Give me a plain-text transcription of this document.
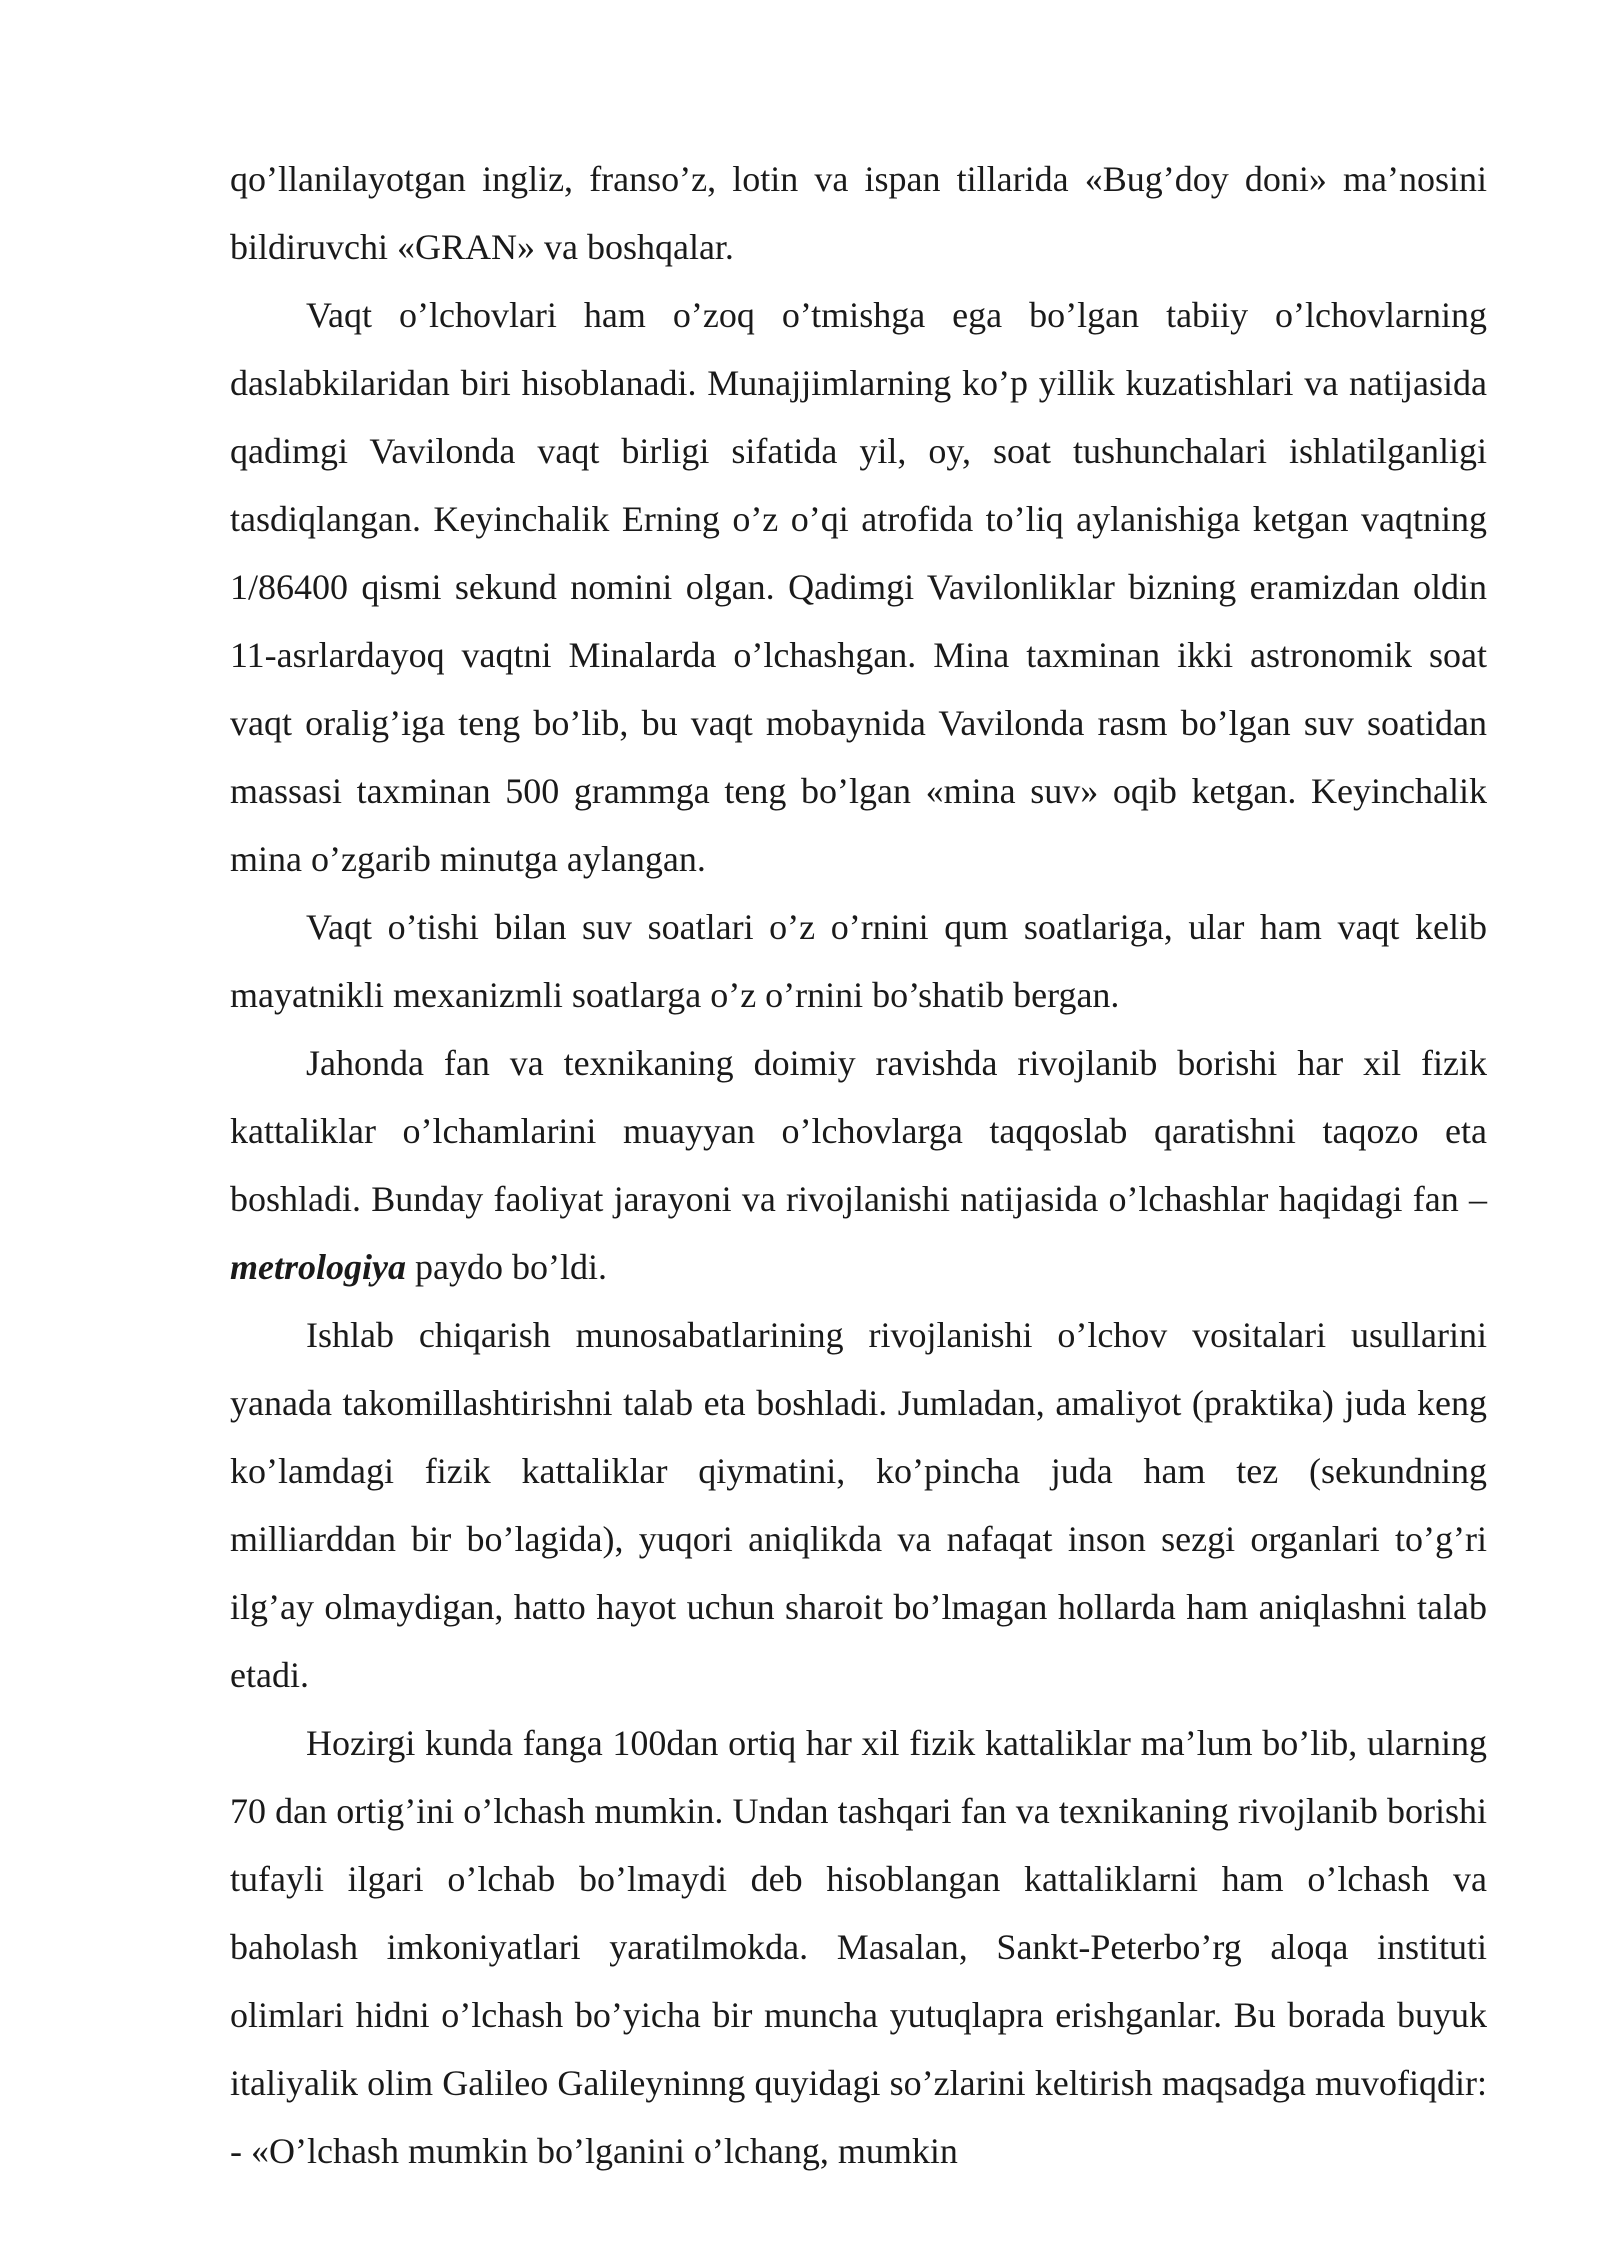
qo’llanilayotgan ingliz, franso’z, lotin va ispan tillarida «Bug’doy doni» ma’nosini bildiruvchi «GRAN» va boshqalar.

Vaqt o’lchovlari ham o’zoq o’tmishga ega bo’lgan tabiiy o’lchovlarning daslabkilaridan biri hisoblanadi. Munajjimlarning ko’p yillik kuzatishlari va natijasida qadimgi Vavilonda vaqt birligi sifatida yil, oy, soat tushunchalari ishlatilganligi tasdiqlangan. Keyinchalik Erning o’z o’qi atrofida to’liq aylanishiga ketgan vaqtning 1/86400 qismi sekund nomini olgan. Qadimgi Vavilonliklar bizning eramizdan oldin 11-asrlardayoq vaqtni Minalarda o’lchashgan. Mina taxminan ikki astronomik soat vaqt oralig’iga teng bo’lib, bu vaqt mobaynida Vavilonda rasm bo’lgan suv soatidan massasi taxminan 500 grammga teng bo’lgan «mina suv» oqib ketgan. Keyinchalik mina o’zgarib minutga aylangan.

Vaqt o’tishi bilan suv soatlari o’z o’rnini qum soatlariga, ular ham vaqt kelib mayatnikli mexanizmli soatlarga o’z o’rnini bo’shatib bergan.

Jahonda fan va texnikaning doimiy ravishda rivojlanib borishi har xil fizik kattaliklar o’lchamlarini muayyan o’lchovlarga taqqoslab qaratishni taqozo eta boshladi. Bunday faoliyat jarayoni va rivojlanishi natijasida o’lchashlar haqidagi fan – metrologiya paydo bo’ldi.

Ishlab chiqarish munosabatlarining rivojlanishi o’lchov vositalari usullarini yanada takomillashtirishni talab eta boshladi. Jumladan, amaliyot (praktika) juda keng ko’lamdagi fizik kattaliklar qiymatini, ko’pincha juda ham tez (sekundning milliarddan bir bo’lagida), yuqori aniqlikda va nafaqat inson sezgi organlari to’g’ri ilg’ay olmaydigan, hatto hayot uchun sharoit bo’lmagan hollarda ham aniqlashni talab etadi.

Hozirgi kunda fanga 100dan ortiq har xil fizik kattaliklar ma’lum bo’lib, ularning 70 dan ortig’ini o’lchash mumkin. Undan tashqari fan va texnikaning rivojlanib borishi tufayli ilgari o’lchab bo’lmaydi deb hisoblangan kattaliklarni ham o’lchash va baholash imkoniyatlari yaratilmokda. Masalan, Sankt-Peterbo’rg aloqa instituti olimlari hidni o’lchash bo’yicha bir muncha yutuqlapra erishganlar. Bu borada buyuk italiyalik olim Galileo Galileyninng quyidagi so’zlarini keltirish maqsadga muvofiqdir: - «O’lchash mumkin bo’lganini o’lchang, mumkin
